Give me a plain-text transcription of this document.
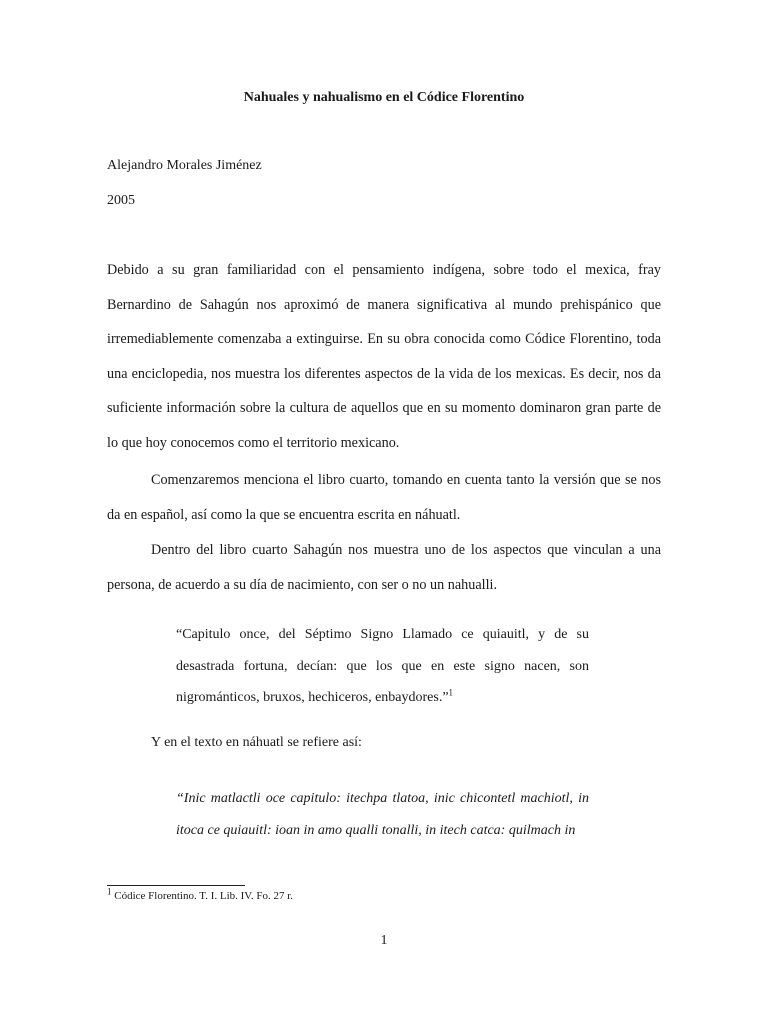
Nahuales y nahualismo en el Códice Florentino
Alejandro Morales Jiménez
2005

Debido a su gran familiaridad con el pensamiento indígena, sobre todo el mexica, fray Bernardino de Sahagún nos aproximó de manera significativa al mundo prehispánico que irremediablemente comenzaba a extinguirse. En su obra conocida como Códice Florentino, toda una enciclopedia, nos muestra los diferentes aspectos de la vida de los mexicas. Es decir, nos da suficiente información sobre la cultura de aquellos que en su momento dominaron gran parte de lo que hoy conocemos como el territorio mexicano.

Comenzaremos menciona el libro cuarto, tomando en cuenta tanto la versión que se nos da en español, así como la que se encuentra escrita en náhuatl.

Dentro del libro cuarto Sahagún nos muestra uno de los aspectos que vinculan a una persona, de acuerdo a su día de nacimiento, con ser o no un nahualli.

“Capitulo once, del Séptimo Signo Llamado ce quiauitl, y de su desastrada fortuna, decían: que los que en este signo nacen, son nigrománticos, bruxos, hechiceros, enbaydores.”$^1$

Y en el texto en náhuatl se refiere así:

“Inic matlactli oce capitulo: itechpa tlatoa, inic chicontetl machiotl, in itoca ce quiauitl: ioan in amo qualli tonalli, in itech catca: quilmach in

$^1$ Códice Florentino. T. I. Lib. IV. Fo. 27 r.
1
